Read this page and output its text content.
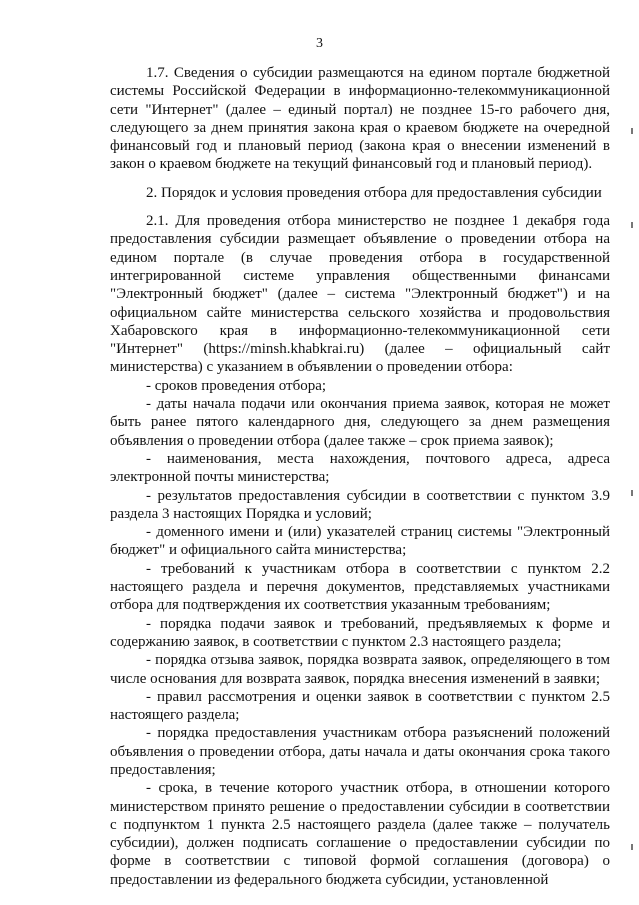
3

1.7. Сведения о субсидии размещаются на едином портале бюджетной системы Российской Федерации в информационно-телекоммуникационной сети "Интернет" (далее – единый портал) не позднее 15-го рабочего дня, следующего за днем принятия закона края о краевом бюджете на очередной финансовый год и плановый период (закона края о внесении изменений в закон о краевом бюджете на текущий финансовый год и плановый период).

2. Порядок и условия проведения отбора для предоставления субсидии

2.1. Для проведения отбора министерство не позднее 1 декабря года предоставления субсидии размещает объявление о проведении отбора на едином портале (в случае проведения отбора в государственной интегрированной системе управления общественными финансами "Электронный бюджет" (далее – система "Электронный бюджет") и на официальном сайте министерства сельского хозяйства и продовольствия Хабаровского края в информационно-телекоммуникационной сети "Интернет" (https://minsh.khabkrai.ru) (далее – официальный сайт министерства) с указанием в объявлении о проведении отбора:

- сроков проведения отбора;

- даты начала подачи или окончания приема заявок, которая не может быть ранее пятого календарного дня, следующего за днем размещения объявления о проведении отбора (далее также – срок приема заявок);

- наименования, места нахождения, почтового адреса, адреса электронной почты министерства;

- результатов предоставления субсидии в соответствии с пунктом 3.9 раздела 3 настоящих Порядка и условий;

- доменного имени и (или) указателей страниц системы "Электронный бюджет" и официального сайта министерства;

- требований к участникам отбора в соответствии с пунктом 2.2 настоящего раздела и перечня документов, представляемых участниками отбора для подтверждения их соответствия указанным требованиям;

- порядка подачи заявок и требований, предъявляемых к форме и содержанию заявок, в соответствии с пунктом 2.3 настоящего раздела;

- порядка отзыва заявок, порядка возврата заявок, определяющего в том числе основания для возврата заявок, порядка внесения изменений в заявки;

- правил рассмотрения и оценки заявок в соответствии с пунктом 2.5 настоящего раздела;

- порядка предоставления участникам отбора разъяснений положений объявления о проведении отбора, даты начала и даты окончания срока такого предоставления;

- срока, в течение которого участник отбора, в отношении которого министерством принято решение о предоставлении субсидии в соответствии с подпунктом 1 пункта 2.5 настоящего раздела (далее также – получатель субсидии), должен подписать соглашение о предоставлении субсидии по форме в соответствии с типовой формой соглашения (договора) о предоставлении из федерального бюджета субсидии, установленной
